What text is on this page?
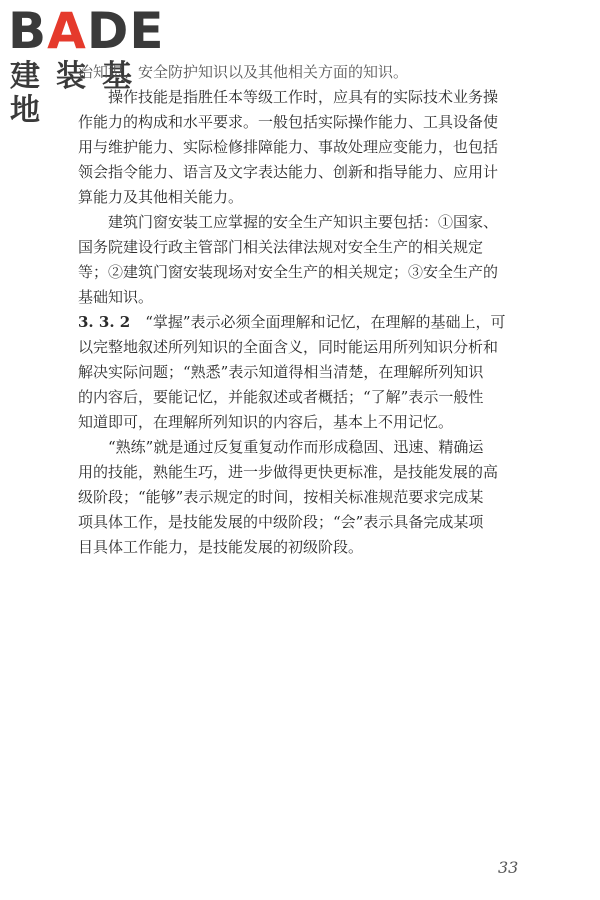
BADE
建装基地
治知识、安全防护知识以及其他相关方面的知识。
　　操作技能是指胜任本等级工作时，应具有的实际技术业务操
作能力的构成和水平要求。一般包括实际操作能力、工具设备使
用与维护能力、实际检修排障能力、事故处理应变能力，也包括
领会指令能力、语言及文字表达能力、创新和指导能力、应用计
算能力及其他相关能力。
　　建筑门窗安装工应掌握的安全生产知识主要包括：①国家、
国务院建设行政主管部门相关法律法规对安全生产的相关规定
等；②建筑门窗安装现场对安全生产的相关规定；③安全生产的
基础知识。
3. 3. 2　 “掌握”表示必须全面理解和记忆，在理解的基础上，可
以完整地叙述所列知识的全面含义，同时能运用所列知识分析和
解决实际问题；“熟悉”表示知道得相当清楚，在理解所列知识
的内容后，要能记忆，并能叙述或者概括；“了解”表示一般性
知道即可，在理解所列知识的内容后，基本上不用记忆。
　　“熟练”就是通过反复重复动作而形成稳固、迅速、精确运
用的技能，熟能生巧，进一步做得更快更标准，是技能发展的高
级阶段；“能够”表示规定的时间，按相关标准规范要求完成某
项具体工作，是技能发展的中级阶段；“会”表示具备完成某项
目具体工作能力，是技能发展的初级阶段。
33
